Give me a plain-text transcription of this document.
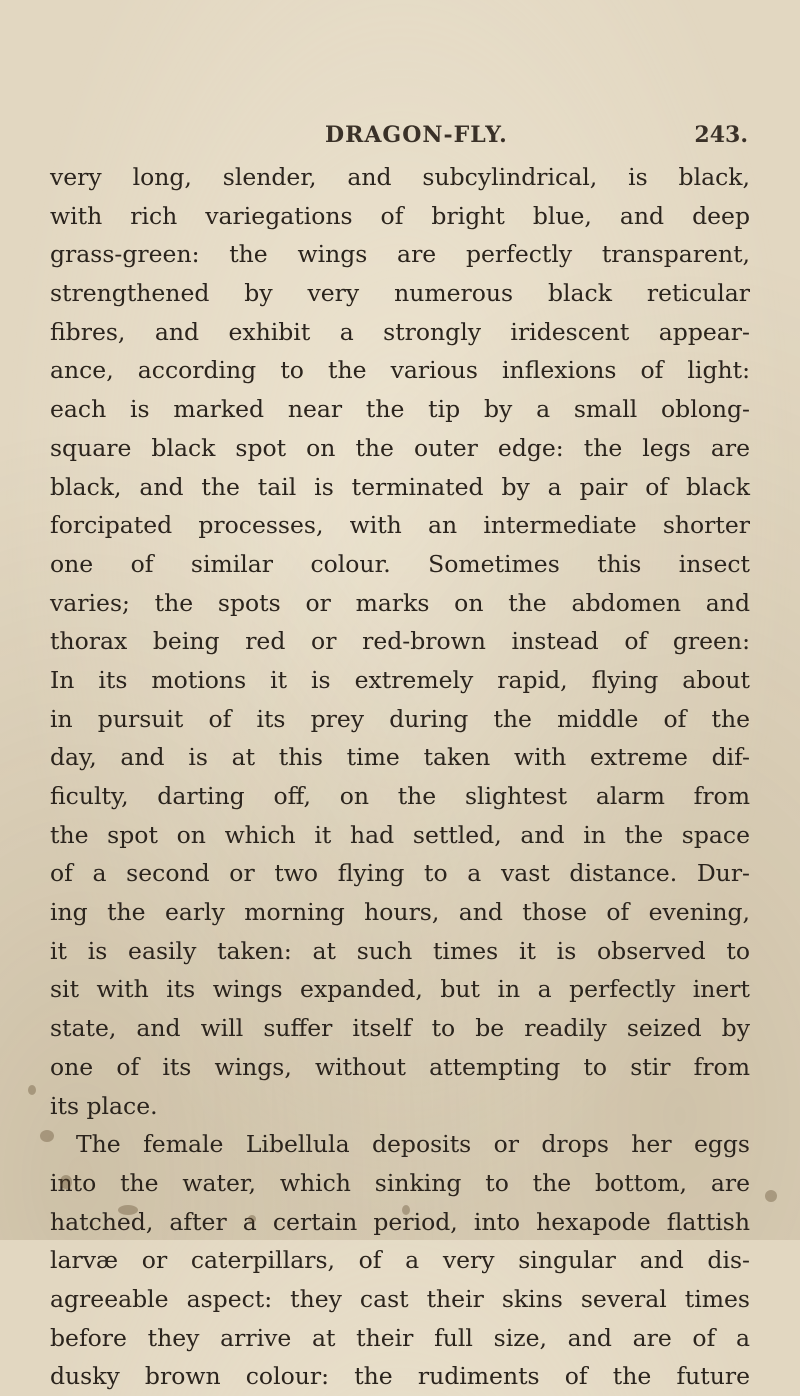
DRAGON-FLY.	243.
very long, slender, and subcylindrical, is black,
with rich variegations of bright blue, and deep
grass-green: the wings are perfectly transparent,
strengthened by very numerous black reticular
fibres, and exhibit a strongly iridescent appear-
ance, according to the various inflexions of light:
each is marked near the tip by a small oblong-
square black spot on the outer edge: the legs are
black, and the tail is terminated by a pair of black
forcipated processes, with an intermediate shorter
one of similar colour. Sometimes this insect
varies; the spots or marks on the abdomen and
thorax being red or red-brown instead of green:
In its motions it is extremely rapid, flying about
in pursuit of its prey during the middle of the
day, and is at this time taken with extreme dif-
ficulty, darting off, on the slightest alarm from
the spot on which it had settled, and in the space
of a second or two flying to a vast distance. Dur-
ing the early morning hours, and those of evening,
it is easily taken: at such times it is observed to
sit with its wings expanded, but in a perfectly inert
state, and will suffer itself to be readily seized by
one of its wings, without attempting to stir from
its place.
The female Libellula deposits or drops her eggs
into the water, which sinking to the bottom, are
hatched, after a certain period, into hexapode flattish
larvæ or caterpillars, of a very singular and dis-
agreeable aspect: they cast their skins several times
before they arrive at their full size, and are of a
dusky brown colour: the rudiments of the future
